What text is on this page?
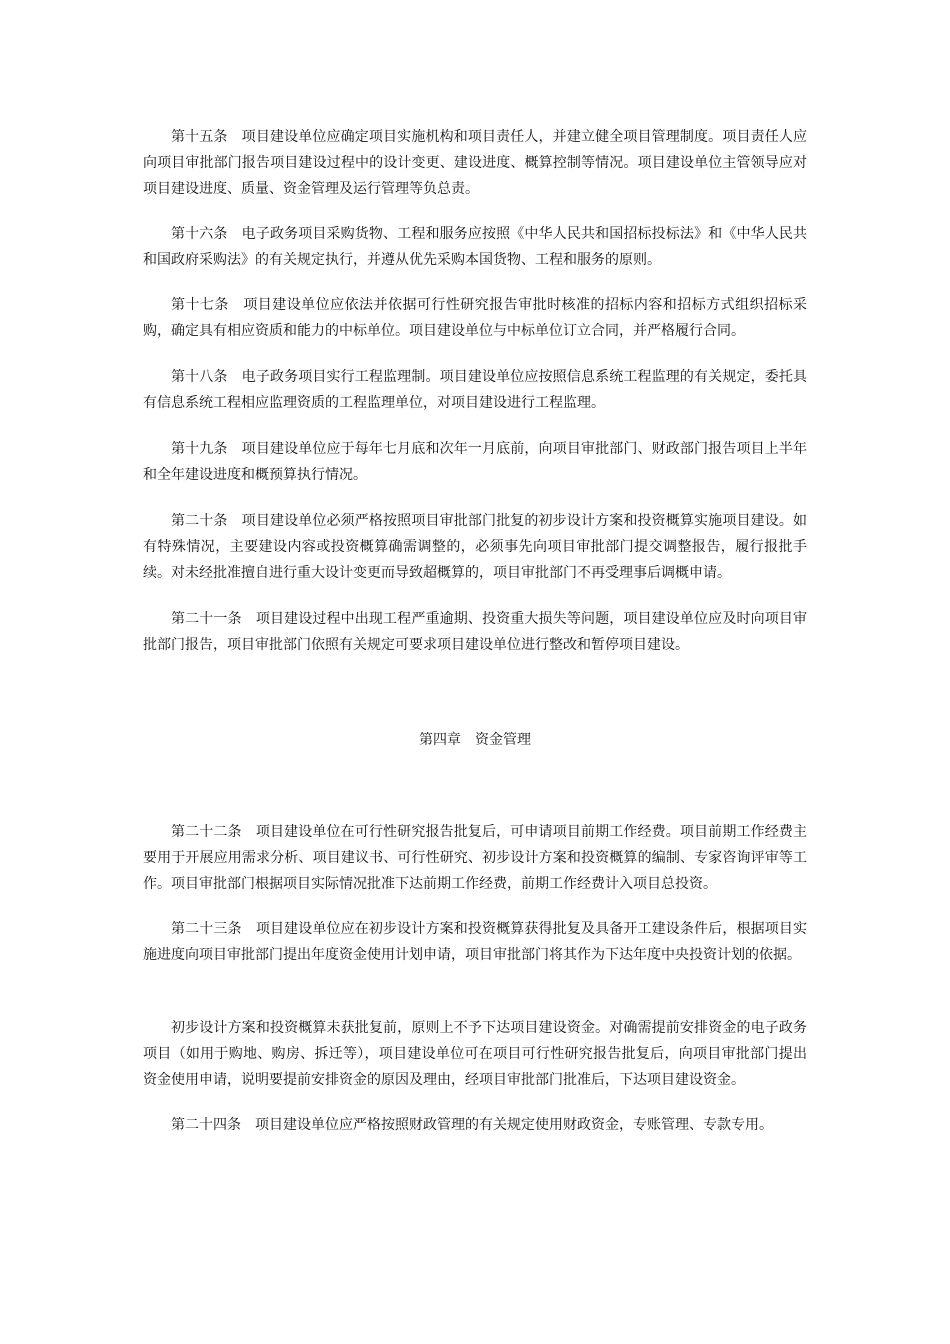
第十五条　项目建设单位应确定项目实施机构和项目责任人，并建立健全项目管理制度。项目责任人应向项目审批部门报告项目建设过程中的设计变更、建设进度、概算控制等情况。项目建设单位主管领导应对项目建设进度、质量、资金管理及运行管理等负总责。

第十六条　电子政务项目采购货物、工程和服务应按照《中华人民共和国招标投标法》和《中华人民共和国政府采购法》的有关规定执行，并遵从优先采购本国货物、工程和服务的原则。

第十七条　项目建设单位应依法并依据可行性研究报告审批时核准的招标内容和招标方式组织招标采购，确定具有相应资质和能力的中标单位。项目建设单位与中标单位订立合同，并严格履行合同。

第十八条　电子政务项目实行工程监理制。项目建设单位应按照信息系统工程监理的有关规定，委托具有信息系统工程相应监理资质的工程监理单位，对项目建设进行工程监理。

第十九条　项目建设单位应于每年七月底和次年一月底前，向项目审批部门、财政部门报告项目上半年和全年建设进度和概预算执行情况。

第二十条　项目建设单位必须严格按照项目审批部门批复的初步设计方案和投资概算实施项目建设。如有特殊情况，主要建设内容或投资概算确需调整的，必须事先向项目审批部门提交调整报告，履行报批手续。对未经批准擅自进行重大设计变更而导致超概算的，项目审批部门不再受理事后调概申请。

第二十一条　项目建设过程中出现工程严重逾期、投资重大损失等问题，项目建设单位应及时向项目审批部门报告，项目审批部门依照有关规定可要求项目建设单位进行整改和暂停项目建设。

第四章　资金管理

第二十二条　项目建设单位在可行性研究报告批复后，可申请项目前期工作经费。项目前期工作经费主要用于开展应用需求分析、项目建议书、可行性研究、初步设计方案和投资概算的编制、专家咨询评审等工作。项目审批部门根据项目实际情况批准下达前期工作经费，前期工作经费计入项目总投资。

第二十三条　项目建设单位应在初步设计方案和投资概算获得批复及具备开工建设条件后，根据项目实施进度向项目审批部门提出年度资金使用计划申请，项目审批部门将其作为下达年度中央投资计划的依据。

初步设计方案和投资概算未获批复前，原则上不予下达项目建设资金。对确需提前安排资金的电子政务项目（如用于购地、购房、拆迁等），项目建设单位可在项目可行性研究报告批复后，向项目审批部门提出资金使用申请，说明要提前安排资金的原因及理由，经项目审批部门批准后，下达项目建设资金。

第二十四条　项目建设单位应严格按照财政管理的有关规定使用财政资金，专账管理、专款专用。
